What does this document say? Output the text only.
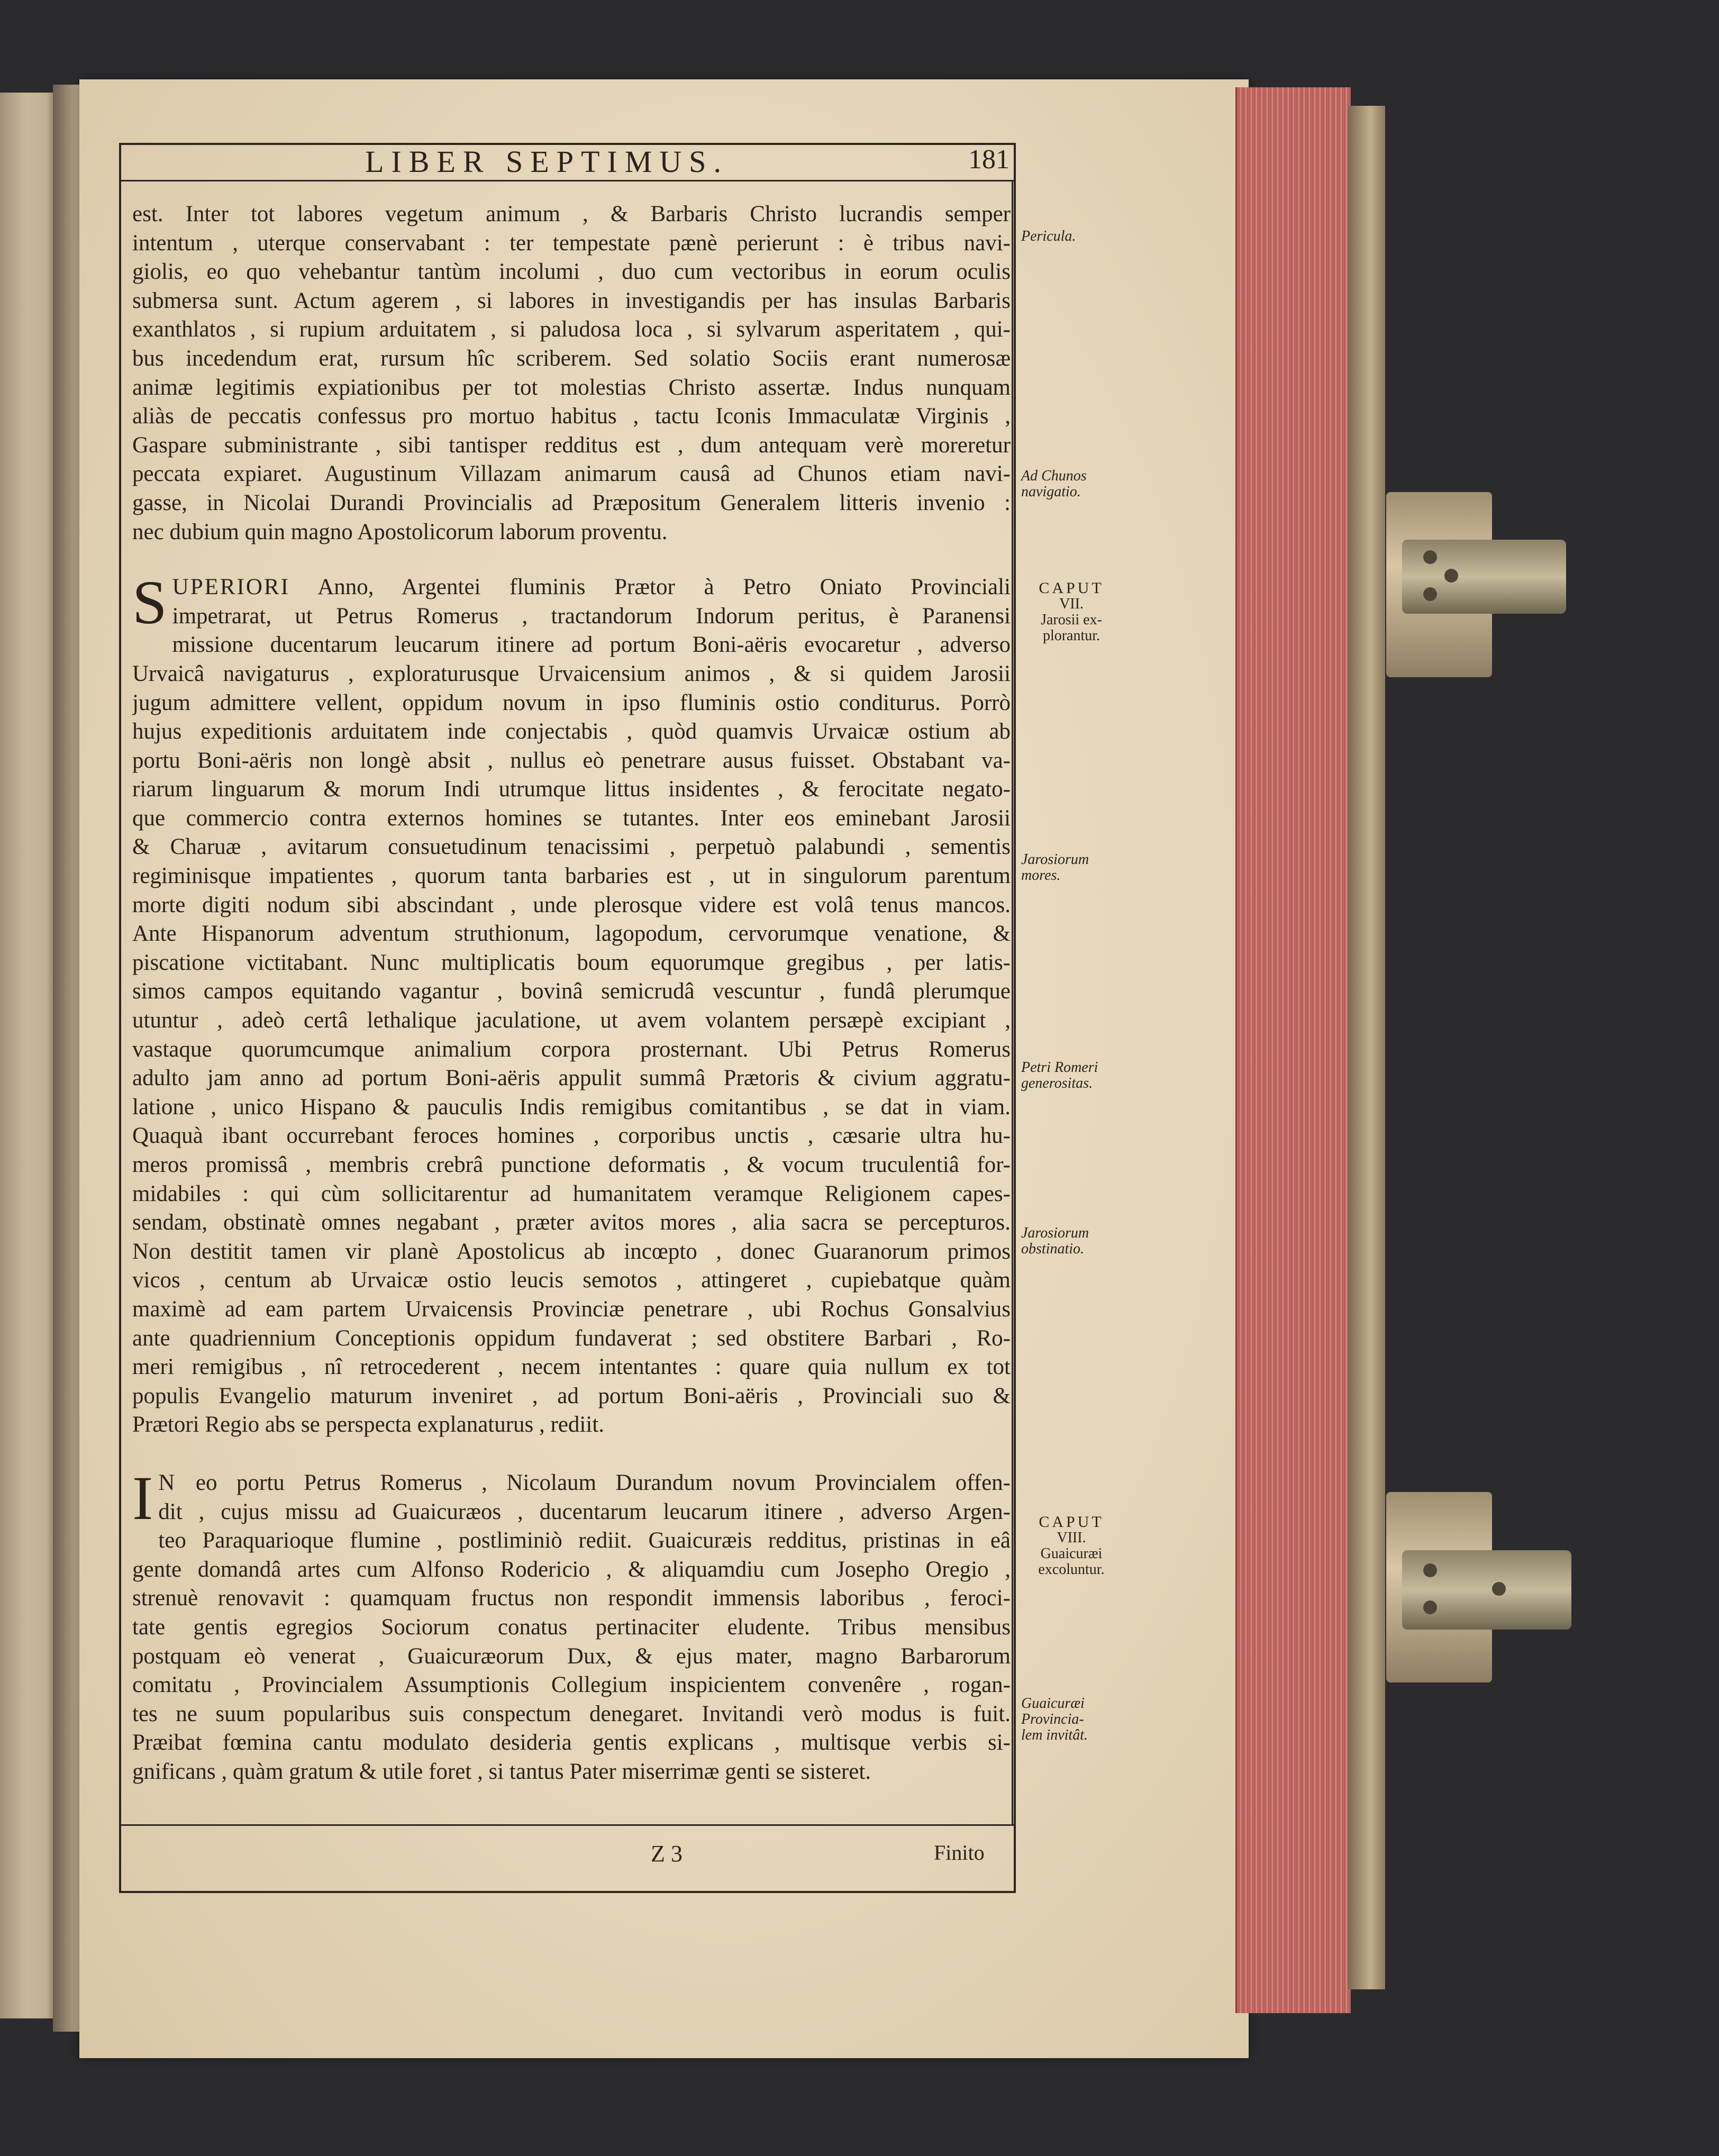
LIBER SEPTIMUS.	181
est. Inter tot labores vegetum animum , & Barbaris Christo lucrandis semper
intentum , uterque conservabant : ter tempestate pænè perierunt : è tribus navi-
giolis, eo quo vehebantur tantùm incolumi , duo cum vectoribus in eorum oculis
submersa sunt. Actum agerem , si labores in investigandis per has insulas Barbaris
exanthlatos , si rupium arduitatem , si paludosa loca , si sylvarum asperitatem , qui-
bus incedendum erat, rursum hîc scriberem. Sed solatio Sociis erant numerosæ
animæ legitimis expiationibus per tot molestias Christo assertæ. Indus nunquam
aliàs de peccatis confessus pro mortuo habitus , tactu Iconis Immaculatæ Virginis ,
Gaspare subministrante , sibi tantisper redditus est , dum antequam verè moreretur
peccata expiaret. Augustinum Villazam animarum causâ ad Chunos etiam navi-
gasse, in Nicolai Durandi Provincialis ad Præpositum Generalem litteris invenio :
nec dubium quin magno Apostolicorum laborum proventu.
S UPERIORI Anno, Argentei fluminis Prætor à Petro Oniato Provinciali
impetrarat, ut Petrus Romerus , tractandorum Indorum peritus, è Paranensi
missione ducentarum leucarum itinere ad portum Boni-aëris evocaretur , adverso
Urvaicâ navigaturus , exploraturusque Urvaicensium animos , & si quidem Jarosii
jugum admittere vellent, oppidum novum in ipso fluminis ostio conditurus. Porrò
hujus expeditionis arduitatem inde conjectabis , quòd quamvis Urvaicæ ostium ab
portu Boni-aëris non longè absit , nullus eò penetrare ausus fuisset. Obstabant va-
riarum linguarum & morum Indi utrumque littus insidentes , & ferocitate negato-
que commercio contra externos homines se tutantes. Inter eos eminebant Jarosii
& Charuæ , avitarum consuetudinum tenacissimi , perpetuò palabundi , sementis
regiminisque impatientes , quorum tanta barbaries est , ut in singulorum parentum
morte digiti nodum sibi abscindant , unde plerosque videre est volâ tenus mancos.
Ante Hispanorum adventum struthionum, lagopodum, cervorumque venatione, &
piscatione victitabant. Nunc multiplicatis boum equorumque gregibus , per latis-
simos campos equitando vagantur , bovinâ semicrudâ vescuntur , fundâ plerumque
utuntur , adeò certâ lethalique jaculatione, ut avem volantem persæpè excipiant ,
vastaque quorumcumque animalium corpora prosternant. Ubi Petrus Romerus
adulto jam anno ad portum Boni-aëris appulit summâ Prætoris & civium aggratu-
latione , unico Hispano & pauculis Indis remigibus comitantibus , se dat in viam.
Quaquà ibant occurrebant feroces homines , corporibus unctis , cæsarie ultra hu-
meros promissâ , membris crebrâ punctione deformatis , & vocum truculentiâ for-
midabiles : qui cùm sollicitarentur ad humanitatem veramque Religionem capes-
sendam, obstinatè omnes negabant , præter avitos mores , alia sacra se percepturos.
Non destitit tamen vir planè Apostolicus ab incœpto , donec Guaranorum primos
vicos , centum ab Urvaicæ ostio leucis semotos , attingeret , cupiebatque quàm
maximè ad eam partem Urvaicensis Provinciæ penetrare , ubi Rochus Gonsalvius
ante quadriennium Conceptionis oppidum fundaverat ; sed obstitere Barbari , Ro-
meri remigibus , nî retrocederent , necem intentantes : quare quia nullum ex tot
populis Evangelio maturum inveniret , ad portum Boni-aëris , Provinciali suo &
Prætori Regio abs se perspecta explanaturus , rediit.
I N eo portu Petrus Romerus , Nicolaum Durandum novum Provincialem offen-
dit , cujus missu ad Guaicuræos , ducentarum leucarum itinere , adverso Argen-
teo Paraquarioque flumine , postliminiò rediit. Guaicuræis redditus, pristinas in eâ
gente domandâ artes cum Alfonso Rodericio , & aliquamdiu cum Josepho Oregio ,
strenuè renovavit : quamquam fructus non respondit immensis laboribus , feroci-
tate gentis egregios Sociorum conatus pertinaciter eludente. Tribus mensibus
postquam eò venerat , Guaicuræorum Dux, & ejus mater, magno Barbarorum
comitatu , Provincialem Assumptionis Collegium inspicientem convenêre , rogan-
tes ne suum popularibus suis conspectum denegaret. Invitandi verò modus is fuit.
Præibat fœmina cantu modulato desideria gentis explicans , multisque verbis si-
gnificans , quàm gratum & utile foret , si tantus Pater miserrimæ genti se sisteret.
Pericula.
Ad Chunos
navigatio.
CAPUT
VII.
Jarosii ex-
plorantur.
Jarosiorum
mores.
Petri Romeri
generositas.
Jarosiorum
obstinatio.
CAPUT
VIII.
Guaicuræi
excoluntur.
Guaicuræi
Provincia-
lem invitât.
Z 3	Finito
